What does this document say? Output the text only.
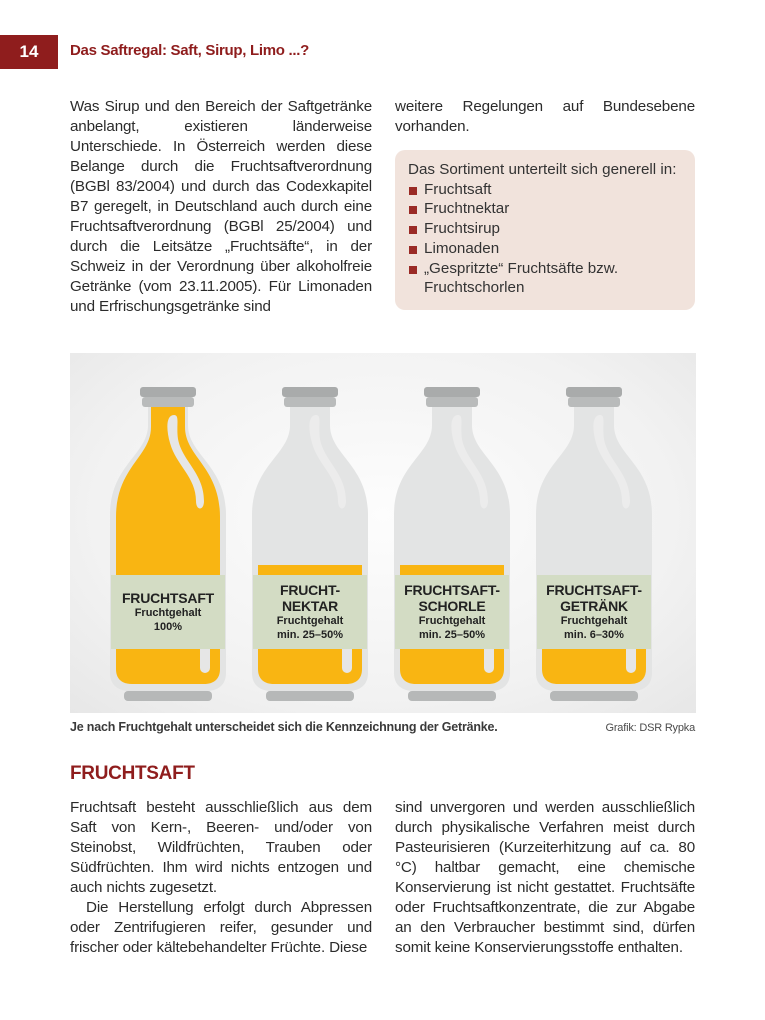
14	Das Saftregal: Saft, Sirup, Limo ...?

Was Sirup und den Bereich der Saftgetränke anbelangt, existieren länderweise Unterschiede. In Österreich werden diese Belange durch die Fruchtsaftverordnung (BGBl 83/2004) und durch das Codexkapitel B7 geregelt, in Deutschland auch durch eine Fruchtsaftverordnung (BGBl 25/2004) und durch die Leitsätze „Fruchtsäfte“, in der Schweiz in der Verordnung über alkoholfreie Getränke (vom 23.11.2005). Für Limonaden und Erfrischungsgetränke sind

weitere Regelungen auf Bundesebene vorhanden.

Das Sortiment unterteilt sich generell in:

Fruchtsaft
Fruchtnektar
Fruchtsirup
Limonaden
„Gespritzte“ Fruchtsäfte bzw. Fruchtschorlen
FRUCHTSAFT
Fruchtgehalt
100%
FRUCHT-
NEKTAR
Fruchtgehalt
min. 25–50%
FRUCHTSAFT-
SCHORLE
Fruchtgehalt
min. 25–50%
FRUCHTSAFT-
GETRÄNK
Fruchtgehalt
min. 6–30%
Je nach Fruchtgehalt unterscheidet sich die Kennzeichnung der Getränke.	Grafik: DSR Rypka
FRUCHTSAFT

Fruchtsaft besteht ausschließlich aus dem Saft von Kern-, Beeren- und/oder von Steinobst, Wildfrüchten, Trauben oder Südfrüchten. Ihm wird nichts entzogen und auch nichts zugesetzt.

Die Herstellung erfolgt durch Abpressen oder Zentrifugieren reifer, gesunder und frischer oder kältebehandelter Früchte. Diese

sind unvergoren und werden ausschließlich durch physikalische Verfahren meist durch Pasteurisieren (Kurzeiterhitzung auf ca. 80 °C) haltbar gemacht, eine chemische Konservierung ist nicht gestattet. Fruchtsäfte oder Fruchtsaftkonzentrate, die zur Abgabe an den Verbraucher bestimmt sind, dürfen somit keine Konservierungsstoffe enthalten.
